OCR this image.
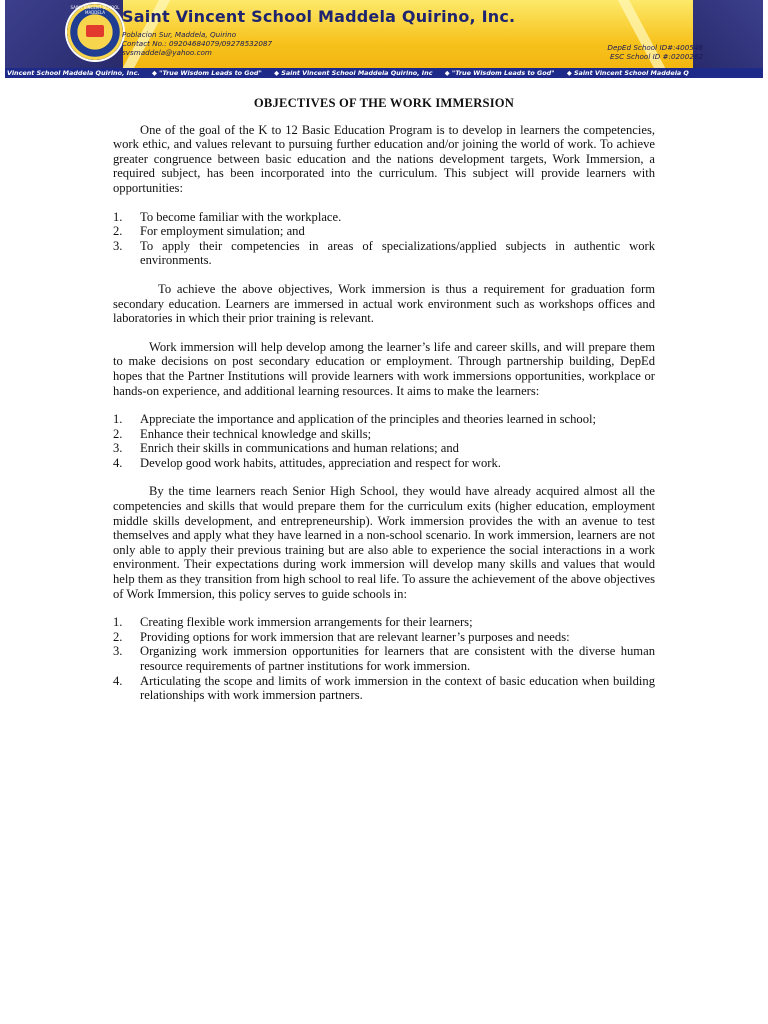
SAINT VINCENT SCHOOL MADDELA	Saint Vincent School Maddela Quirino, Inc.
Poblacion Sur, Maddela, Quirino
Contact No.: 09204684079/09278532087
svsmaddela@yahoo.com
DepEd School ID#:400546
ESC School ID #:0200262
Vincent School Maddela Quirino, Inc. ◆ "True Wisdom Leads to God" ◆ Saint Vincent School Maddela Quirino, Inc ◆ "True Wisdom Leads to God" ◆ Saint Vincent School Maddela Q
OBJECTIVES OF THE WORK IMMERSION

One of the goal of the K to 12 Basic Education Program is to develop in learners the competencies, work ethic, and values relevant to pursuing further education and/or joining the world of work. To achieve greater congruence between basic education and the nations development targets, Work Immersion, a required subject, has been incorporated into the curriculum. This subject will provide learners with opportunities:

1. To become familiar with the workplace.
2. For employment simulation; and
3. To apply their competencies in areas of specializations/applied subjects in authentic work environments.

To achieve the above objectives, Work immersion is thus a requirement for graduation form secondary education. Learners are immersed in actual work environment such as workshops offices and laboratories in which their prior training is relevant.

Work immersion will help develop among the learner’s life and career skills, and will prepare them to make decisions on post secondary education or employment. Through partnership building, DepEd hopes that the Partner Institutions will provide learners with work immersions opportunities, workplace or hands-on experience, and additional learning resources. It aims to make the learners:

1. Appreciate the importance and application of the principles and theories learned in school;
2. Enhance their technical knowledge and skills;
3. Enrich their skills in communications and human relations; and
4. Develop good work habits, attitudes, appreciation and respect for work.

By the time learners reach Senior High School, they would have already acquired almost all the competencies and skills that would prepare them for the curriculum exits (higher education, employment middle skills development, and entrepreneurship). Work immersion provides the with an avenue to test themselves and apply what they have learned in a non-school scenario. In work immersion, learners are not only able to apply their previous training but are also able to experience the social interactions in a work environment. Their expectations during work immersion will develop many skills and values that would help them as they transition from high school to real life. To assure the achievement of the above objectives of Work Immersion, this policy serves to guide schools in:

1. Creating flexible work immersion arrangements for their learners;
2. Providing options for work immersion that are relevant learner’s purposes and needs:
3. Organizing work immersion opportunities for learners that are consistent with the diverse human resource requirements of partner institutions for work immersion.
4. Articulating the scope and limits of work immersion in the context of basic education when building relationships with work immersion partners.
